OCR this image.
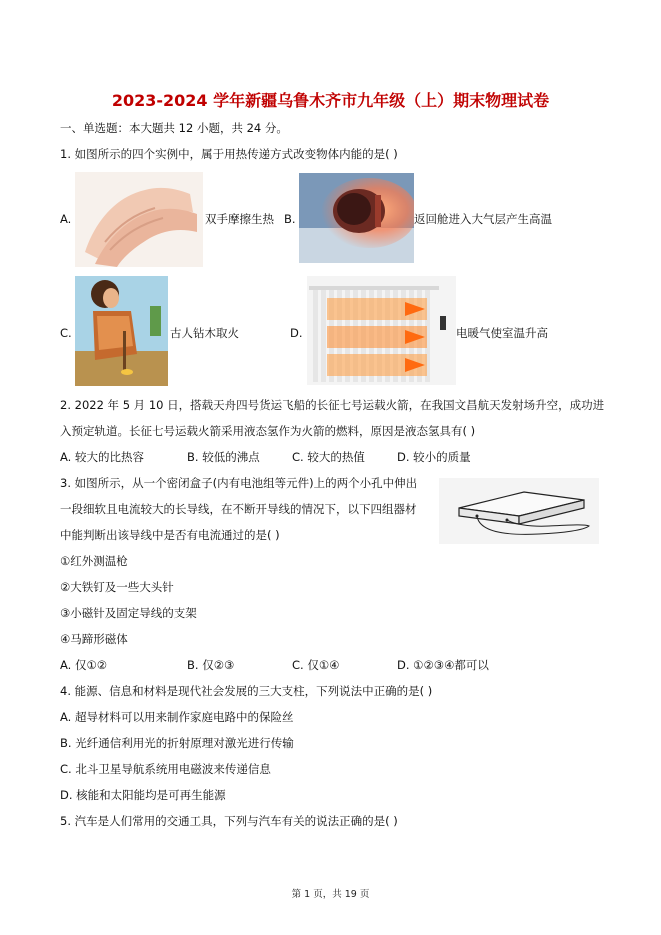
2023-2024 学年新疆乌鲁木齐市九年级（上）期末物理试卷
一、单选题：本大题共 12 小题，共 24 分。
1. 如图所示的四个实例中，属于用热传递方式改变物体内能的是( )
A.	双手摩擦生热 B.	返回舱进入大气层产生高温
C.	古人钻木取火	D.	电暖气使室温升高
2. 2022 年 5 月 10 日，搭载天舟四号货运飞船的长征七号运载火箭，在我国文昌航天发射场升空，成功进
入预定轨道。长征七号运载火箭采用液态氢作为火箭的燃料，原因是液态氢具有( )
A. 较大的比热容	B. 较低的沸点	C. 较大的热值	D. 较小的质量
3. 如图所示，从一个密闭盒子(内有电池组等元件)上的两个小孔中伸出
一段细软且电流较大的长导线，在不断开导线的情况下，以下四组器材
中能判断出该导线中是否有电流通过的是( )
①红外测温枪
②大铁钉及一些大头针
③小磁针及固定导线的支架
④马蹄形磁体
A. 仅①②	B. 仅②③	C. 仅①④	D. ①②③④都可以
4. 能源、信息和材料是现代社会发展的三大支柱，下列说法中正确的是( )
A. 超导材料可以用来制作家庭电路中的保险丝
B. 光纤通信利用光的折射原理对激光进行传输
C. 北斗卫星导航系统用电磁波来传递信息
D. 核能和太阳能均是可再生能源
5. 汽车是人们常用的交通工具，下列与汽车有关的说法正确的是( )
第 1 页，共 19 页
